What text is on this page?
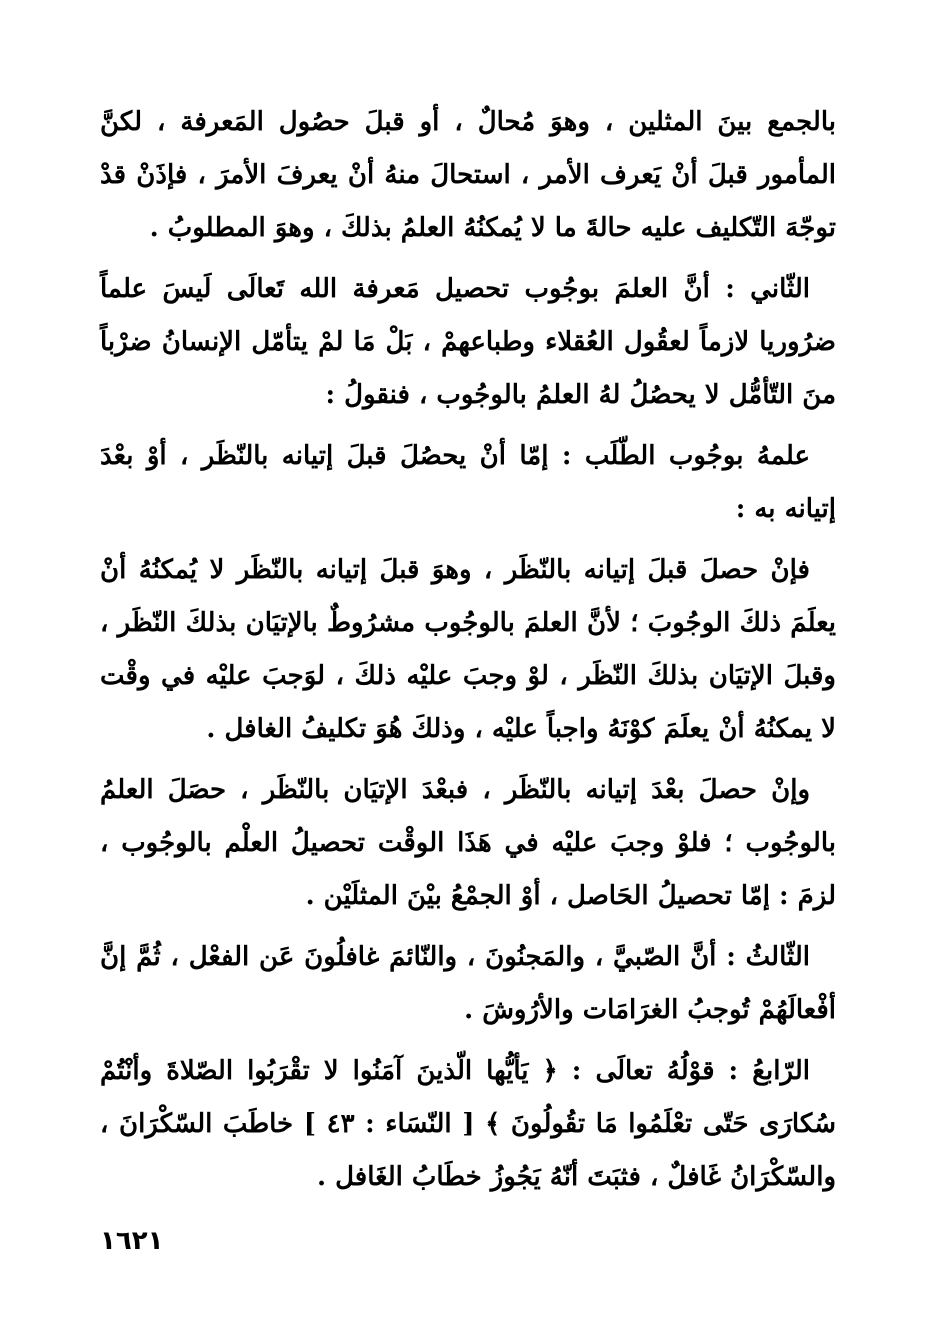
بالجمع بينَ المثلين ، وهوَ مُحالٌ ، أو قبلَ حصُول المَعرفة ، لكنَّ المأمور قبلَ أنْ يَعرف الأمر ، استحالَ منهُ أنْ يعرفَ الأمرَ ، فإذَنْ قدْ توجّهَ التّكليف عليه حالةَ ما لا يُمكنُهُ العلمُ بذلكَ ، وهوَ المطلوبُ .

الثّاني : أنَّ العلمَ بوجُوب تحصيل مَعرفة الله تَعالَى لَيسَ علماً ضرُوريا لازماً لعقُول العُقلاء وطباعهمْ ، بَلْ مَا لمْ يتأمّل الإنسانُ ضرْباً منَ التّأمُّل لا يحصُلُ لهُ العلمُ بالوجُوب ، فنقولُ :

علمهُ بوجُوب الطّلَب : إمّا أنْ يحصُلَ قبلَ إتيانه بالنّظَر ، أوْ بعْدَ إتيانه به :

فإنْ حصلَ قبلَ إتيانه بالنّظَر ، وهوَ قبلَ إتيانه بالنّظَر لا يُمكنُهُ أنْ يعلَمَ ذلكَ الوجُوبَ ؛ لأنَّ العلمَ بالوجُوب مشرُوطٌ بالإتيَان بذلكَ النّظَر ، وقبلَ الإتيَان بذلكَ النّظَر ، لوْ وجبَ عليْه ذلكَ ، لوَجبَ عليْه في وقْت لا يمكنُهُ أنْ يعلَمَ كوْنَهُ واجباً عليْه ، وذلكَ هُوَ تكليفُ الغافل .

وإنْ حصلَ بعْدَ إتيانه بالنّظَر ، فبعْدَ الإتيَان بالنّظَر ، حصَلَ العلمُ بالوجُوب ؛ فلوْ وجبَ عليْه في هَذَا الوقْت تحصيلُ العلْم بالوجُوب ، لزمَ : إمّا تحصيلُ الحَاصل ، أوْ الجمْعُ بيْنَ المثلَيْن .

الثّالثُ : أنَّ الصّبيَّ ، والمَجنُونَ ، والنّائمَ غافلُونَ عَن الفعْل ، ثُمَّ إنَّ أفْعالَهُمْ تُوجبُ الغرَامَات والأرُوشَ .

الرّابعُ : قوْلُهُ تعالَى : ﴿ يَأيُّها الّذينَ آمَنُوا لا تقْرَبُوا الصّلاةَ وأنْتُمْ سُكارَى حَتّى تعْلَمُوا مَا تقُولُونَ ﴾ [ النّسَاء : ٤٣ ] خاطَبَ السّكْرَانَ ، والسّكْرَانُ غَافلٌ ، فثبَتَ أنّهُ يَجُوزُ خطَابُ الغَافل .

١٦٢١
